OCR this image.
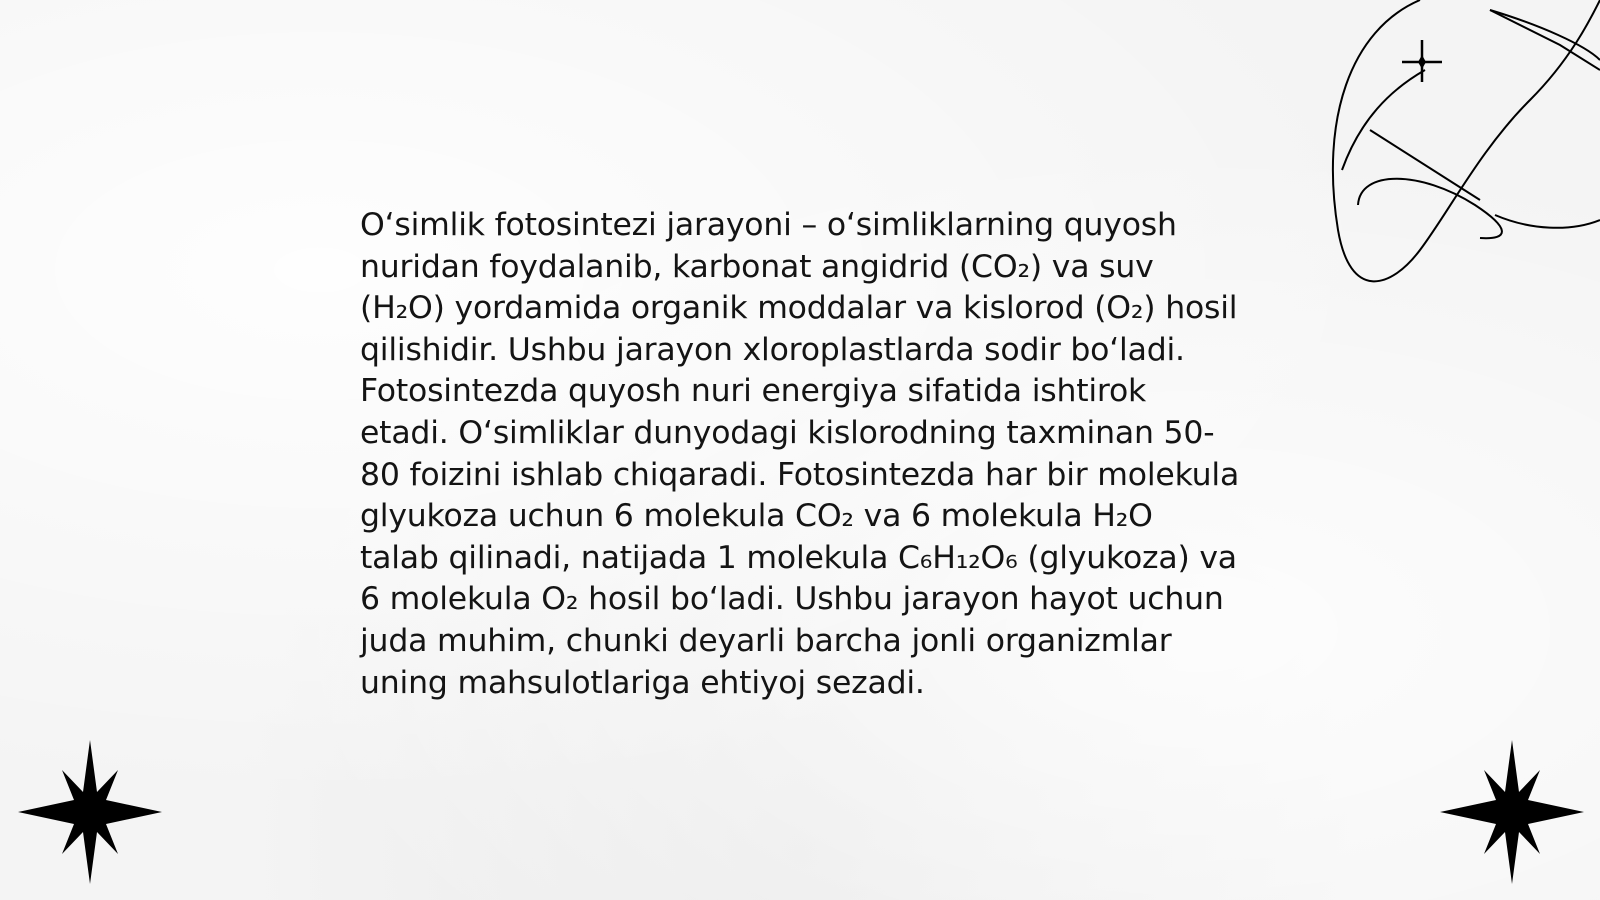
O‘simlik fotosintezi jarayoni – o‘simliklarning quyosh nuridan foydalanib, karbonat angidrid (CO₂) va suv (H₂O) yordamida organik moddalar va kislorod (O₂) hosil qilishidir. Ushbu jarayon xloroplastlarda sodir bo‘ladi. Fotosintezda quyosh nuri energiya sifatida ishtirok etadi. O‘simliklar dunyodagi kislorodning taxminan 50-80 foizini ishlab chiqaradi. Fotosintezda har bir molekula glyukoza uchun 6 molekula CO₂ va 6 molekula H₂O talab qilinadi, natijada 1 molekula C₆H₁₂O₆ (glyukoza) va 6 molekula O₂ hosil bo‘ladi. Ushbu jarayon hayot uchun juda muhim, chunki deyarli barcha jonli organizmlar uning mahsulotlariga ehtiyoj sezadi.
